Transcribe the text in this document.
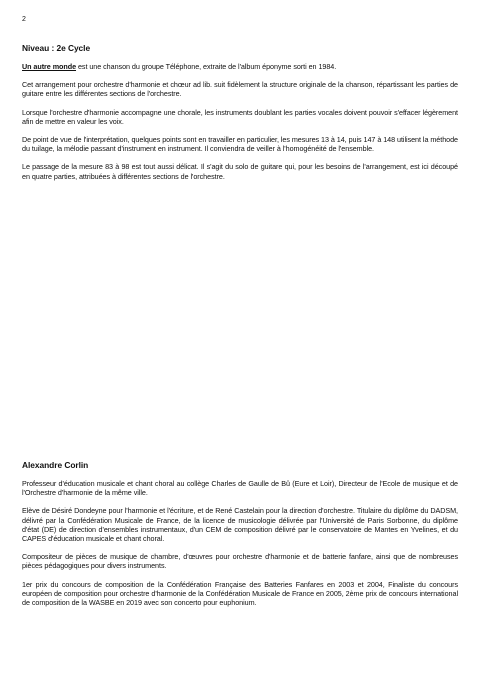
2
Niveau : 2e Cycle

Un autre monde est une chanson du groupe Téléphone, extraite de l'album éponyme sorti en 1984.

Cet arrangement pour orchestre d'harmonie et chœur ad lib. suit fidèlement la structure originale de la chanson, répartissant les parties de guitare entre les différentes sections de l'orchestre.

Lorsque l'orchestre d'harmonie accompagne une chorale, les instruments doublant les parties vocales doivent pouvoir s'effacer légèrement afin de mettre en valeur les voix.

De point de vue de l'interprétation, quelques points sont en travailler en particulier, les mesures 13 à 14, puis 147 à 148 utilisent la méthode du tuilage, la mélodie passant d'instrument en instrument. Il conviendra de veiller à l'homogénéité de l'ensemble.

Le passage de la mesure 83 à 98 est tout aussi délicat. Il s'agit du solo de guitare qui, pour les besoins de l'arrangement, est ici découpé en quatre parties, attribuées à différentes sections de l'orchestre.

Alexandre Corlin

Professeur d'éducation musicale et chant choral au collège Charles de Gaulle de Bû (Eure et Loir), Directeur de l'Ecole de musique et de l'Orchestre d'harmonie de la même ville.

Elève de Désiré Dondeyne pour l'harmonie et l'écriture, et de René Castelain pour la direction d'orchestre. Titulaire du diplôme du DADSM, délivré par la Confédération Musicale de France, de la licence de musicologie délivrée par l'Université de Paris Sorbonne, du diplôme d'état (DE) de direction d'ensembles instrumentaux, d'un CEM de composition délivré par le conservatoire de Mantes en Yvelines, et du CAPES d'éducation musicale et chant choral.

Compositeur de pièces de musique de chambre, d'œuvres pour orchestre d'harmonie et de batterie fanfare, ainsi que de nombreuses pièces pédagogiques pour divers instruments.

1er prix du concours de composition de la Confédération Française des Batteries Fanfares en 2003 et 2004, Finaliste du concours européen de composition pour orchestre d'harmonie de la Confédération Musicale de France en 2005, 2ème prix de concours international de composition de la WASBE en 2019 avec son concerto pour euphonium.
